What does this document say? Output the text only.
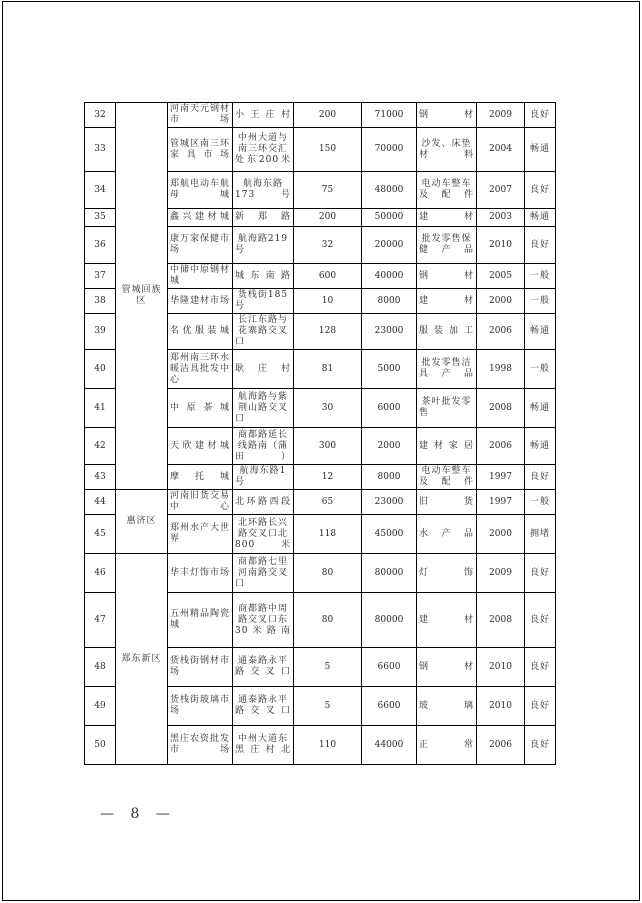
32	管城回族区	河南天元钢材市场	小王庄村	200	71000	钢材	2009	良好
33		管城区南三环家具市场	中州大道与南三环交汇处东200米	150	70000	沙发、床垫材料	2004	畅通
34		郑航电动车航母城	航海东路173号	75	48000	电动车整车及配件	2007	良好
35		鑫兴建材城	新郑路	200	50000	建材	2003	畅通
36		康万家保健市场	航海路219号	32	20000	批发零售保健产品	2010	良好
37		中储中原钢材城	城东南路	600	40000	钢材	2005	一般
38		华隆建材市场	货栈街185号	10	8000	建材	2000	一般
39		名优服装城	长江东路与花寨路交叉口	128	23000	服装加工	2006	畅通
40		郑州南三环水暖洁具批发中心	耿庄村	81	5000	批发零售洁具产品	1998	一般
41		中原茶城	航海路与紫荆山路交叉口	30	6000	茶叶批发零售	2008	畅通
42		天欣建材城	商都路延长线路南（蒲田）	300	2000	建材家居	2006	畅通
43		摩托城	航海东路1号	12	8000	电动车整车及配件	1997	良好
44	惠济区	河南旧货交易中心	北环路西段	65	23000	旧货	1997	一般
45		郑州水产大世界	北环路长兴路交叉口北800米	118	45000	水产品	2000	拥堵
46	郑东新区	华丰灯饰市场	商都路七里河南路交叉口	80	80000	灯饰	2009	良好
47		五州精品陶瓷城	商都路中周路交叉口东30米路南	80	80000	建材	2008	良好
48		货栈街钢材市场	通泰路永平路交叉口	5	6600	钢材	2010	良好
49		货栈街玻璃市场	通泰路永平路交叉口	5	6600	玻璃	2010	良好
50		黑庄农资批发市场	中州大道东黑庄村北	110	44000	正常	2006	良好
— 8 —
